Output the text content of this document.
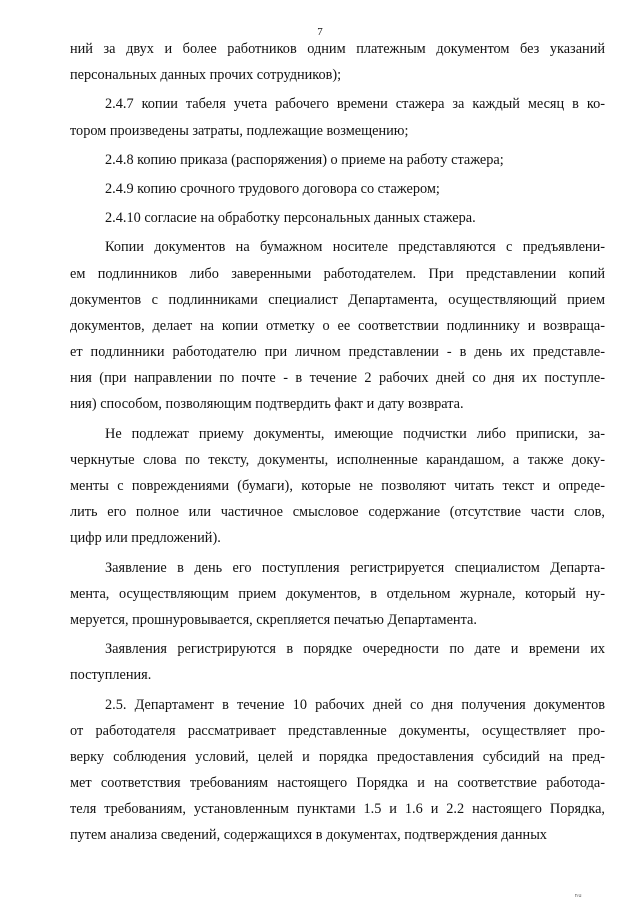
7
ний за двух и более работников одним платежным документом без указаний
персональных данных прочих сотрудников);
2.4.7 копии табеля учета рабочего времени стажера за каждый месяц в ко-
тором произведены затраты, подлежащие возмещению;
2.4.8 копию приказа (распоряжения) о приеме на работу стажера;
2.4.9 копию срочного трудового договора со стажером;
2.4.10 согласие на обработку персональных данных стажера.
Копии документов на бумажном носителе представляются с предъявлени-
ем подлинников либо заверенными работодателем. При представлении копий
документов с подлинниками специалист Департамента, осуществляющий прием
документов, делает на копии отметку о ее соответствии подлиннику и возвраща-
ет подлинники работодателю при личном представлении - в день их представле-
ния (при направлении по почте - в течение 2 рабочих дней со дня их поступле-
ния) способом, позволяющим подтвердить факт и дату возврата.
Не подлежат приему документы, имеющие подчистки либо приписки, за-
черкнутые слова по тексту, документы, исполненные карандашом, а также доку-
менты с повреждениями (бумаги), которые не позволяют читать текст и опреде-
лить его полное или частичное смысловое содержание (отсутствие части слов,
цифр или предложений).
Заявление в день его поступления регистрируется специалистом Департа-
мента, осуществляющим прием документов, в отдельном журнале, который ну-
меруется, прошнуровывается, скрепляется печатью Департамента.
Заявления регистрируются в порядке очередности по дате и времени их
поступления.
2.5. Департамент в течение 10 рабочих дней со дня получения документов
от работодателя рассматривает представленные документы, осуществляет про-
верку соблюдения условий, целей и порядка предоставления субсидий на пред-
мет соответствия требованиям настоящего Порядка и на соответствие работода-
теля требованиям, установленным пунктами 1.5 и 1.6 и 2.2 настоящего Порядка,
путем анализа сведений, содержащихся в документах, подтверждения данных
nu
